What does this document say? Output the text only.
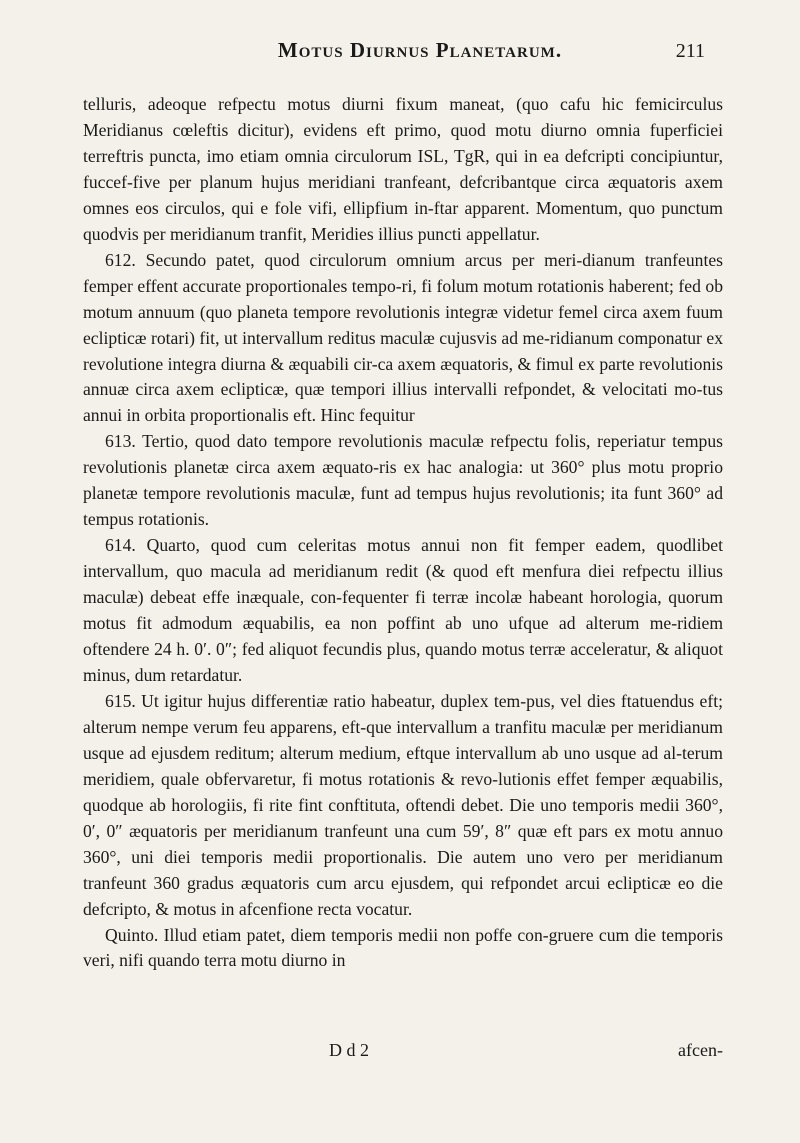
Motus Diurnus Planetarum.	211

telluris, adeoque refpectu motus diurni fixum maneat, (quo cafu hic femicirculus Meridianus cœleftis dicitur), evidens eft primo, quod motu diurno omnia fuperficiei terreftris puncta, imo etiam omnia circulorum ISL, TgR, qui in ea defcripti concipiuntur, fuccef-five per planum hujus meridiani tranfeant, defcribantque circa æquatoris axem omnes eos circulos, qui e fole vifi, ellipfium in-ftar apparent. Momentum, quo punctum quodvis per meridianum tranfit, Meridies illius puncti appellatur.

612. Secundo patet, quod circulorum omnium arcus per meri-dianum tranfeuntes femper effent accurate proportionales tempo-ri, fi folum motum rotationis haberent; fed ob motum annuum (quo planeta tempore revolutionis integræ videtur femel circa axem fuum eclipticæ rotari) fit, ut intervallum reditus maculæ cujusvis ad me-ridianum componatur ex revolutione integra diurna & æquabili cir-ca axem æquatoris, & fimul ex parte revolutionis annuæ circa axem eclipticæ, quæ tempori illius intervalli refpondet, & velocitati mo-tus annui in orbita proportionalis eft. Hinc fequitur

613. Tertio, quod dato tempore revolutionis maculæ refpectu folis, reperiatur tempus revolutionis planetæ circa axem æquato-ris ex hac analogia: ut 360° plus motu proprio planetæ tempore revolutionis maculæ, funt ad tempus hujus revolutionis; ita funt 360° ad tempus rotationis.

614. Quarto, quod cum celeritas motus annui non fit femper eadem, quodlibet intervallum, quo macula ad meridianum redit (& quod eft menfura diei refpectu illius maculæ) debeat effe inæquale, con-fequenter fi terræ incolæ habeant horologia, quorum motus fit admodum æquabilis, ea non poffint ab uno ufque ad alterum me-ridiem oftendere 24 h. 0′. 0″; fed aliquot fecundis plus, quando motus terræ acceleratur, & aliquot minus, dum retardatur.

615. Ut igitur hujus differentiæ ratio habeatur, duplex tem-pus, vel dies ftatuendus eft; alterum nempe verum feu apparens, eft-que intervallum a tranfitu maculæ per meridianum usque ad ejusdem reditum; alterum medium, eftque intervallum ab uno usque ad al-terum meridiem, quale obfervaretur, fi motus rotationis & revo-lutionis effet femper æquabilis, quodque ab horologiis, fi rite fint conftituta, oftendi debet. Die uno temporis medii 360°, 0′, 0″ æquatoris per meridianum tranfeunt una cum 59′, 8″ quæ eft pars ex motu annuo 360°, uni diei temporis medii proportionalis. Die autem uno vero per meridianum tranfeunt 360 gradus æquatoris cum arcu ejusdem, qui refpondet arcui eclipticæ eo die defcripto, & motus in afcenfione recta vocatur.

Quinto. Illud etiam patet, diem temporis medii non poffe con-gruere cum die temporis veri, nifi quando terra motu diurno in

D d 2	afcen-
